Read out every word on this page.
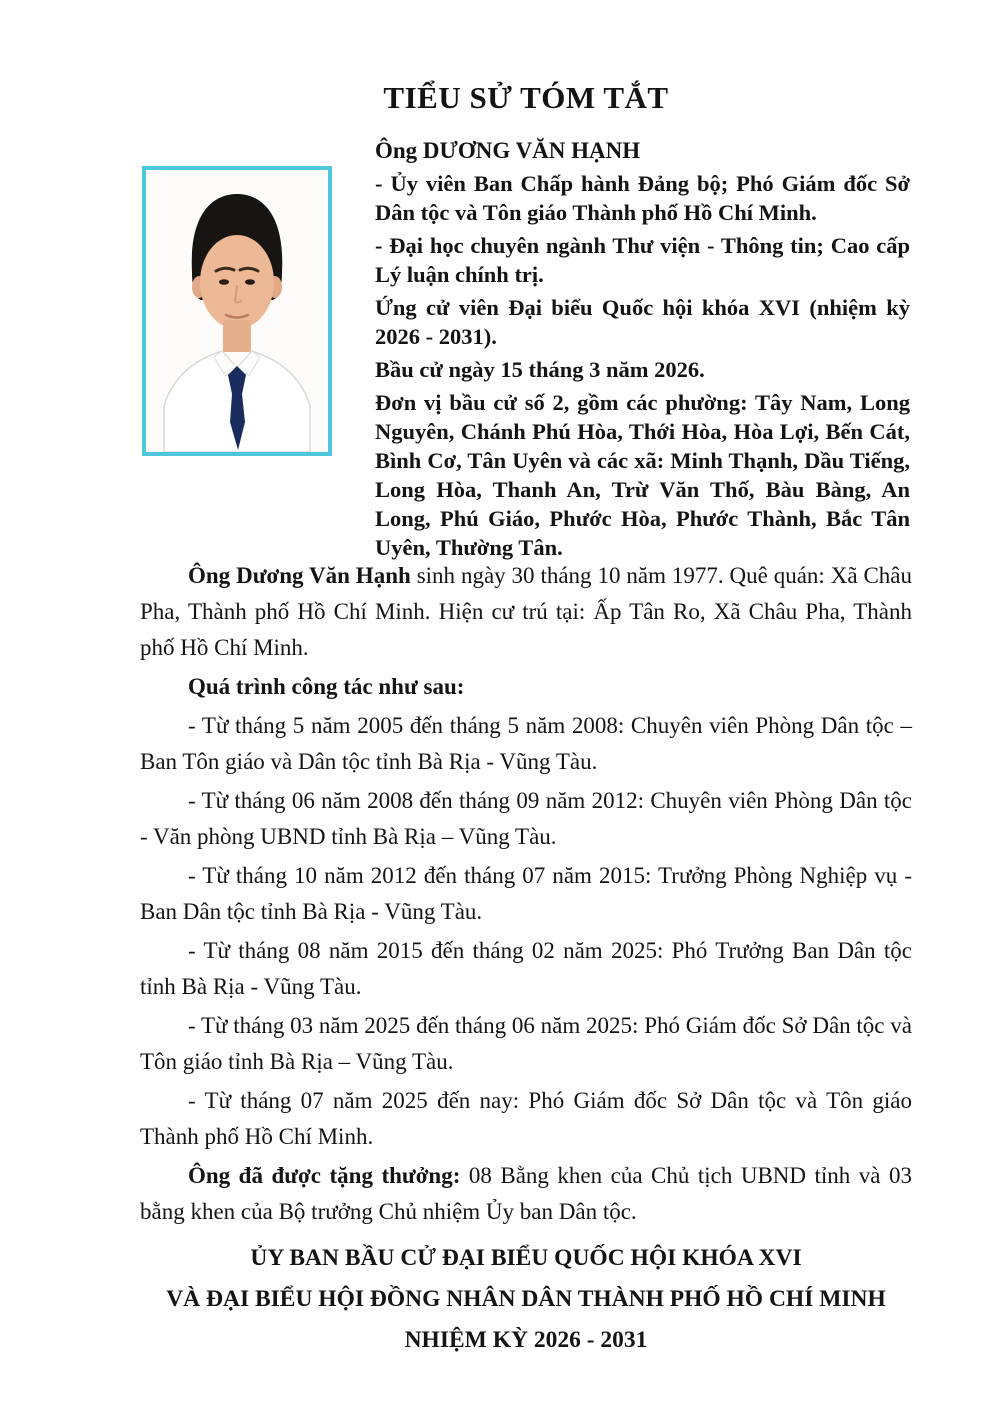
TIỂU SỬ TÓM TẮT

Ông DƯƠNG VĂN HẠNH

- Ủy viên Ban Chấp hành Đảng bộ; Phó Giám đốc Sở Dân tộc và Tôn giáo Thành phố Hồ Chí Minh.

- Đại học chuyên ngành Thư viện - Thông tin; Cao cấp Lý luận chính trị.

Ứng cử viên Đại biểu Quốc hội khóa XVI (nhiệm kỳ 2026 - 2031).

Bầu cử ngày 15 tháng 3 năm 2026.

Đơn vị bầu cử số 2, gồm các phường: Tây Nam, Long Nguyên, Chánh Phú Hòa, Thới Hòa, Hòa Lợi, Bến Cát, Bình Cơ, Tân Uyên và các xã: Minh Thạnh, Dầu Tiếng, Long Hòa, Thanh An, Trừ Văn Thố, Bàu Bàng, An Long, Phú Giáo, Phước Hòa, Phước Thành, Bắc Tân Uyên, Thường Tân.

Ông Dương Văn Hạnh sinh ngày 30 tháng 10 năm 1977. Quê quán: Xã Châu Pha, Thành phố Hồ Chí Minh. Hiện cư trú tại: Ấp Tân Ro, Xã Châu Pha, Thành phố Hồ Chí Minh.

Quá trình công tác như sau:

- Từ tháng 5 năm 2005 đến tháng 5 năm 2008: Chuyên viên Phòng Dân tộc – Ban Tôn giáo và Dân tộc tỉnh Bà Rịa - Vũng Tàu.

- Từ tháng 06 năm 2008 đến tháng 09 năm 2012: Chuyên viên Phòng Dân tộc - Văn phòng UBND tỉnh Bà Rịa – Vũng Tàu.

- Từ tháng 10 năm 2012 đến tháng 07 năm 2015: Trưởng Phòng Nghiệp vụ - Ban Dân tộc tỉnh Bà Rịa - Vũng Tàu.

- Từ tháng 08 năm 2015 đến tháng 02 năm 2025: Phó Trưởng Ban Dân tộc tỉnh Bà Rịa - Vũng Tàu.

- Từ tháng 03 năm 2025 đến tháng 06 năm 2025: Phó Giám đốc Sở Dân tộc và Tôn giáo tỉnh Bà Rịa – Vũng Tàu.

- Từ tháng 07 năm 2025 đến nay: Phó Giám đốc Sở Dân tộc và Tôn giáo Thành phố Hồ Chí Minh.

Ông đã được tặng thưởng: 08 Bằng khen của Chủ tịch UBND tỉnh và 03 bằng khen của Bộ trưởng Chủ nhiệm Ủy ban Dân tộc.

ỦY BAN BẦU CỬ ĐẠI BIỂU QUỐC HỘI KHÓA XVI

VÀ ĐẠI BIỂU HỘI ĐỒNG NHÂN DÂN THÀNH PHỐ HỒ CHÍ MINH

NHIỆM KỲ 2026 - 2031
